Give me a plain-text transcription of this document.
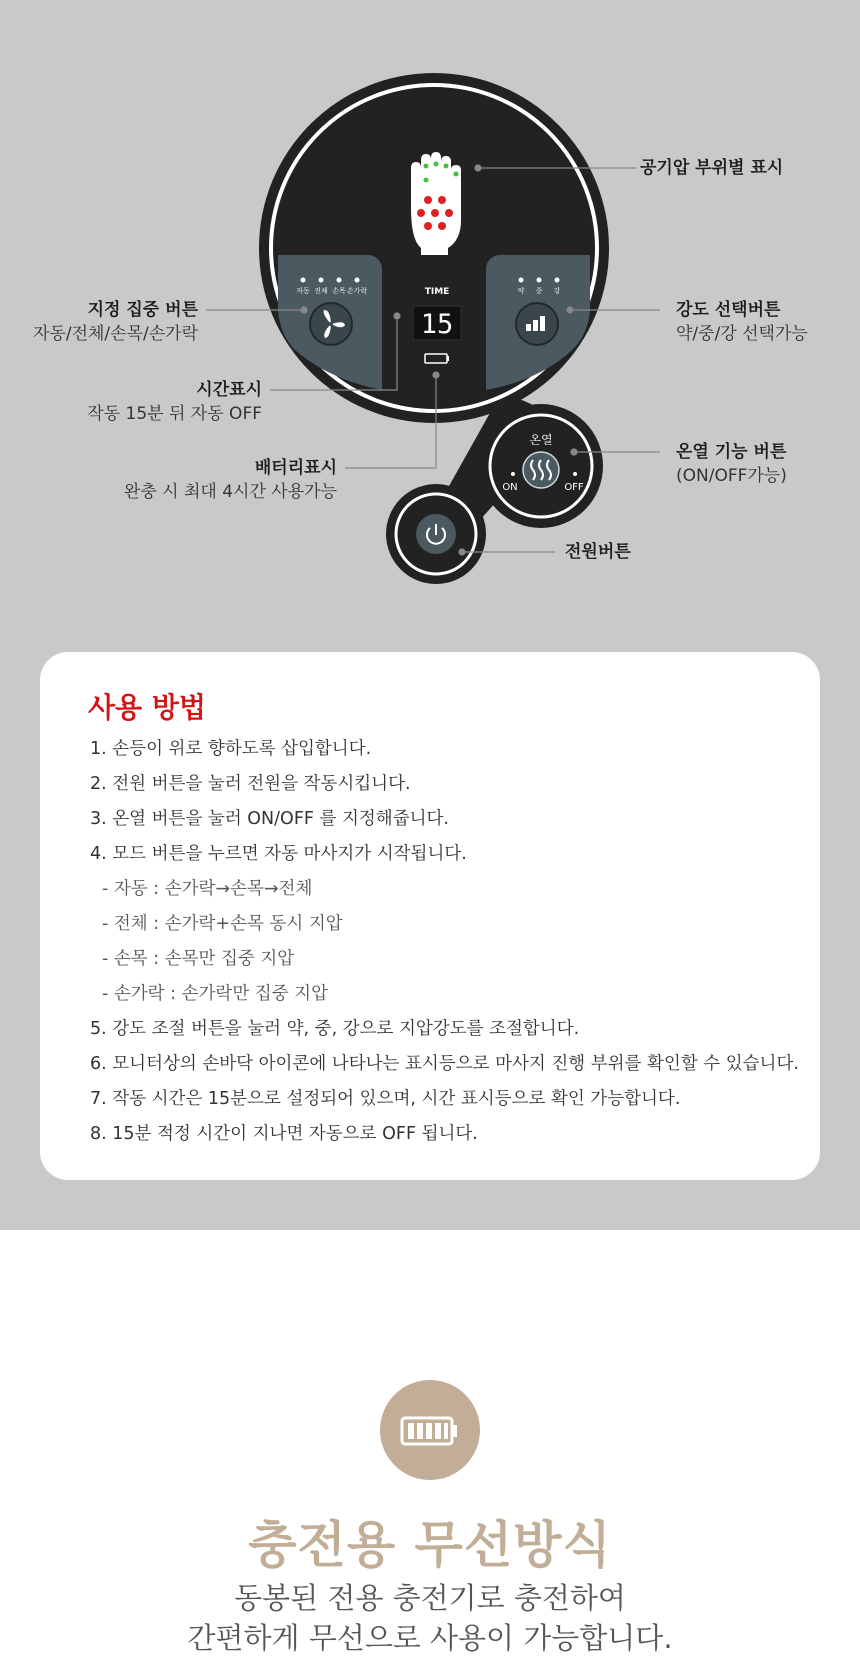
자동 전체 손목 손가락	약 중 강
TIME
15
온열
ON	OFF
공기압 부위별 표시
강도 선택버튼
약/중/강 선택가능
온열 기능 버튼
(ON/OFF가능)
전원버튼
지정 집중 버튼
자동/전체/손목/손가락
시간표시
작동 15분 뒤 자동 OFF
배터리표시
완충 시 최대 4시간 사용가능
사용 방법
1. 손등이 위로 향하도록 삽입합니다.
2. 전원 버튼을 눌러 전원을 작동시킵니다.
3. 온열 버튼을 눌러 ON/OFF 를 지정해줍니다.
4. 모드 버튼을 누르면 자동 마사지가 시작됩니다.
- 자동 : 손가락→손목→전체
- 전체 : 손가락+손목 동시 지압
- 손목 : 손목만 집중 지압
- 손가락 : 손가락만 집중 지압
5. 강도 조절 버튼을 눌러 약, 중, 강으로 지압강도를 조절합니다.
6. 모니터상의 손바닥 아이콘에 나타나는 표시등으로 마사지 진행 부위를 확인할 수 있습니다.
7. 작동 시간은 15분으로 설정되어 있으며, 시간 표시등으로 확인 가능합니다.
8. 15분 적정 시간이 지나면 자동으로 OFF 됩니다.
충전용 무선방식
동봉된 전용 충전기로 충전하여
간편하게 무선으로 사용이 가능합니다.
